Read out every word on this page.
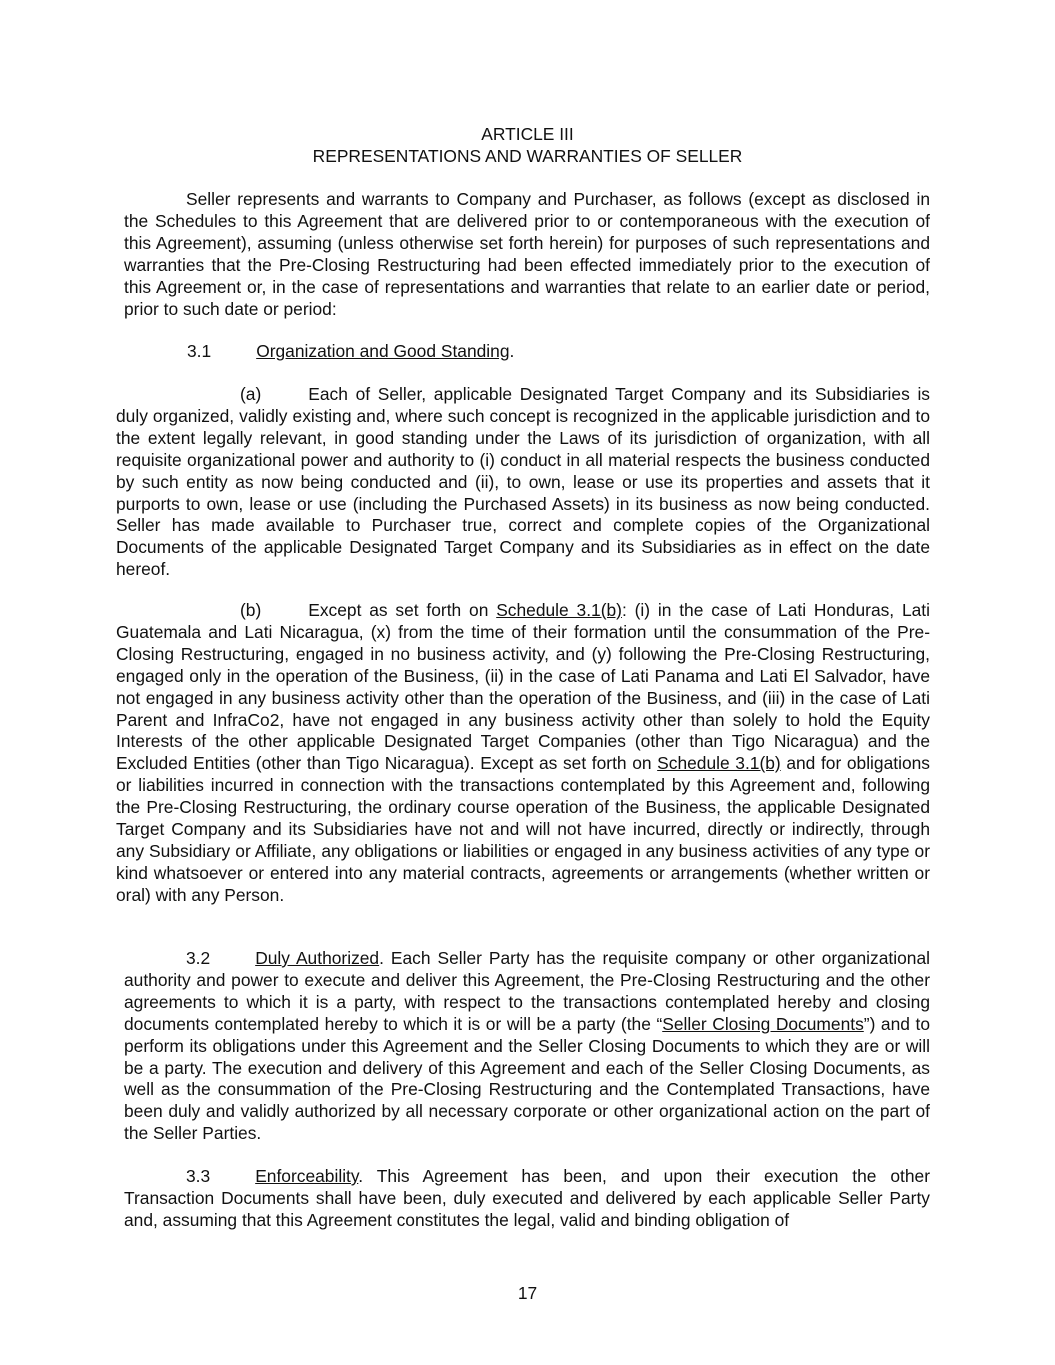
ARTICLE III
REPRESENTATIONS AND WARRANTIES OF SELLER
Seller represents and warrants to Company and Purchaser, as follows (except as disclosed in the Schedules to this Agreement that are delivered prior to or contemporaneous with the execution of this Agreement), assuming (unless otherwise set forth herein) for purposes of such representations and warranties that the Pre-Closing Restructuring had been effected immediately prior to the execution of this Agreement or, in the case of representations and warranties that relate to an earlier date or period, prior to such date or period:
3.1	Organization and Good Standing.
(a)	Each of Seller, applicable Designated Target Company and its Subsidiaries is duly organized, validly existing and, where such concept is recognized in the applicable jurisdiction and to the extent legally relevant, in good standing under the Laws of its jurisdiction of organization, with all requisite organizational power and authority to (i) conduct in all material respects the business conducted by such entity as now being conducted and (ii), to own, lease or use its properties and assets that it purports to own, lease or use (including the Purchased Assets) in its business as now being conducted. Seller has made available to Purchaser true, correct and complete copies of the Organizational Documents of the applicable Designated Target Company and its Subsidiaries as in effect on the date hereof.
(b)	Except as set forth on Schedule 3.1(b): (i) in the case of Lati Honduras, Lati Guatemala and Lati Nicaragua, (x) from the time of their formation until the consummation of the Pre-Closing Restructuring, engaged in no business activity, and (y) following the Pre-Closing Restructuring, engaged only in the operation of the Business, (ii) in the case of Lati Panama and Lati El Salvador, have not engaged in any business activity other than the operation of the Business, and (iii) in the case of Lati Parent and InfraCo2, have not engaged in any business activity other than solely to hold the Equity Interests of the other applicable Designated Target Companies (other than Tigo Nicaragua) and the Excluded Entities (other than Tigo Nicaragua). Except as set forth on Schedule 3.1(b) and for obligations or liabilities incurred in connection with the transactions contemplated by this Agreement and, following the Pre-Closing Restructuring, the ordinary course operation of the Business, the applicable Designated Target Company and its Subsidiaries have not and will not have incurred, directly or indirectly, through any Subsidiary or Affiliate, any obligations or liabilities or engaged in any business activities of any type or kind whatsoever or entered into any material contracts, agreements or arrangements (whether written or oral) with any Person.
3.2	Duly Authorized. Each Seller Party has the requisite company or other organizational authority and power to execute and deliver this Agreement, the Pre-Closing Restructuring and the other agreements to which it is a party, with respect to the transactions contemplated hereby and closing documents contemplated hereby to which it is or will be a party (the “Seller Closing Documents”) and to perform its obligations under this Agreement and the Seller Closing Documents to which they are or will be a party. The execution and delivery of this Agreement and each of the Seller Closing Documents, as well as the consummation of the Pre-Closing Restructuring and the Contemplated Transactions, have been duly and validly authorized by all necessary corporate or other organizational action on the part of the Seller Parties.
3.3	Enforceability. This Agreement has been, and upon their execution the other Transaction Documents shall have been, duly executed and delivered by each applicable Seller Party and, assuming that this Agreement constitutes the legal, valid and binding obligation of
17
